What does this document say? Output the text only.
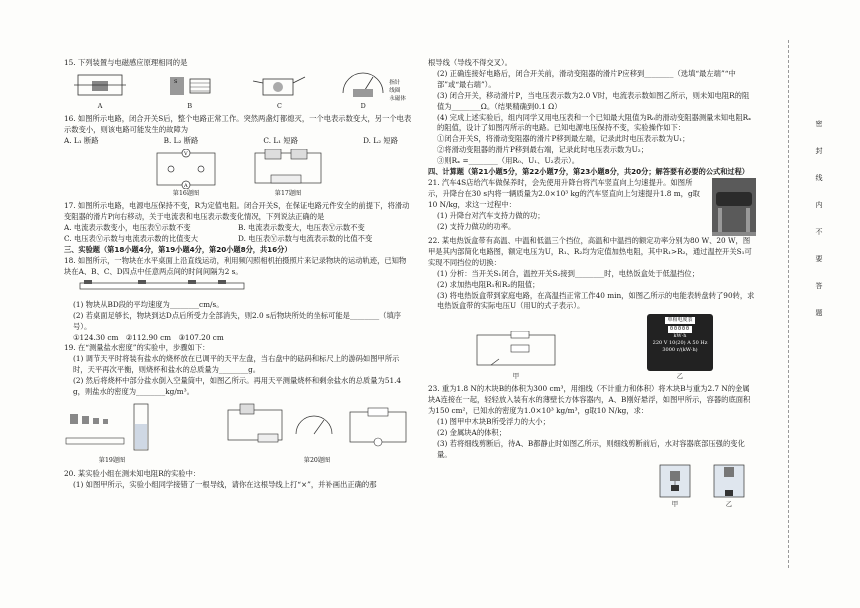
15. 下列装置与电磁感应原理相同的是
A
S
B	C	D
指针
线圈
永磁体
16. 如图所示电路，闭合开关S后，整个电路正常工作。突然两盏灯都熄灭，一个电表示数变大，另一个电表示数变小，则该电路可能发生的故障为
A. L₁ 断路	B. L₂ 断路	C. L₁ 短路	D. L₂ 短路
V
A
第16题图	第17题图
17. 如图所示电路，电源电压保持不变，R为定值电阻。闭合开关S，在保证电路元件安全的前提下，将滑动变阻器的滑片P向右移动，关于电流表和电压表示数变化情况，下列说法正确的是
A. 电流表示数变小，电压表Ⓥ示数不变	B. 电流表示数变大，电压表Ⓥ示数不变
C. 电压表Ⓥ示数与电流表示数的比值变大	D. 电压表Ⓥ示数与电流表示数的比值不变
三、实验题（第18小题4分，第19小题4分，第20小题8分，共16分）
18. 如图所示，一物块在水平桌面上沿直线运动，利用频闪照相机拍摄照片来记录物块的运动轨迹，已知物块在A、B、C、D四点中任意两点间的时间间隔为2 s。
(1) 物块从BD段的平均速度为________cm/s。
(2) 若桌面足够长，物块到达D点后所受力全部消失，则2.0 s后物块所处的坐标可能是________（填序号）。
①124.30 cm　②112.90 cm　③107.20 cm
19. 在“测量盐水密度”的实验中，步骤如下：
(1) 调节天平时将装有盐水的烧杯放在已调平的天平左盘，当右盘中的砝码和标尺上的游码如图甲所示时，天平再次平衡，则烧杯和盐水的总质量为________g。
(2) 然后将烧杯中部分盐水倒入空量筒中，如图乙所示。再用天平测量烧杯和剩余盐水的总质量为51.4 g，则盐水的密度为________kg/m³。
第19题图	第20题图
20. 某实验小组在测未知电阻R的实验中：
(1) 如图甲所示，实验小组同学接错了一根导线，请你在这根导线上打“×”，并补画出正确的那
根导线（导线不得交叉）。
(2) 正确连接好电路后，闭合开关前，滑动变阻器的滑片P应移到________（选填“最左端”“中部”或“最右端”）。
(3) 闭合开关，移动滑片P，当电压表示数为2.0 V时，电流表示数如图乙所示，则未知电阻R的阻值为________Ω。（结果精确到0.1 Ω）
(4) 完成上述实验后，组内同学又用电压表和一个已知最大阻值为R₀的滑动变阻器测量未知电阻Rₓ的阻值，设计了如图丙所示的电路。已知电源电压保持不变，实验操作如下：
①闭合开关S，将滑动变阻器的滑片P移到最左端，记录此时电压表示数为U₁；
②将滑动变阻器的滑片P移到最右端，记录此时电压表示数为U₂；
③则Rₓ =________（用R₀、U₁、U₂表示）。
四、计算题（第21小题5分，第22小题7分，第23小题8分，共20分；解答要有必要的公式和过程）
21. 汽车4S店给汽车做保养时，会先使用升降台将汽车竖直向上匀速提升。如图所示，升降台在30 s内将一辆质量为2.0×10³ kg的汽车竖直向上匀速提升1.8 m，g取10 N/kg，求这一过程中：
(1) 升降台对汽车支持力做的功；
(2) 支持力做功的功率。
22. 某电热饭盒带有高温、中温和低温三个挡位，高温和中温挡的额定功率分别为80 W、20 W，图甲是其内部简化电路图，额定电压为U，R₁、R₂均为定值加热电阻，其中R₁>R₂，通过温控开关S₁可实现不同挡位的切换：
(1) 分析：当开关S₁闭合，温控开关S₂接到________时，电热饭盒处于低温挡位；
(2) 求加热电阻R₁和R₂的阻值；
(3) 将电热饭盒带到家庭电路，在高温挡正常工作40 min，如图乙所示的电能表转盘转了90转，求电热饭盒带的实际电压U（用U的式子表示）。
甲
单相电度表
00000
kW·h
220 V 10(20) A 50 Hz
3000 r/(kW·h)
乙
23. 重为1.8 N的木块B的体积为300 cm³，用细线（不计重力和体积）将木块B与重为2.7 N的金属块A连接在一起，轻轻放入装有水的薄壁长方体容器内，A、B刚好悬浮，如图甲所示，容器的底面积为150 cm²，已知水的密度为1.0×10³ kg/m³，g取10 N/kg，求：
(1) 图甲中木块B所受浮力的大小；
(2) 金属块A的体积；
(3) 若将细线剪断后，待A、B都静止时如图乙所示，则细线剪断前后，水对容器底部压强的变化量。
甲	乙
密
封
线
内
不
要
答
题
